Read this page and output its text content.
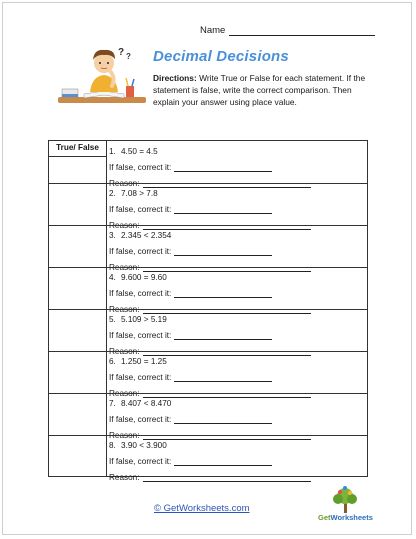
Name
? ? Decimal Decisions
Directions: Write True or False for each statement. If the statement is false, write the correct comparison. Then explain your answer using place value.
True/ False	1. 4.50 = 4.5
If false, correct it:
Reason:
2. 7.08 > 7.8
If false, correct it:
Reason:
3. 2.345 < 2.354
If false, correct it:
Reason:
4. 9.600 = 9.60
If false, correct it:
Reason:
5. 5.109 > 5.19
If false, correct it:
Reason:
6. 1.250 = 1.25
If false, correct it:
Reason:
7. 8.407 < 8.470
If false, correct it:
Reason:
8. 3.90 < 3.900
If false, correct it:
Reason:
© GetWorksheets.com
GetWorksheets
